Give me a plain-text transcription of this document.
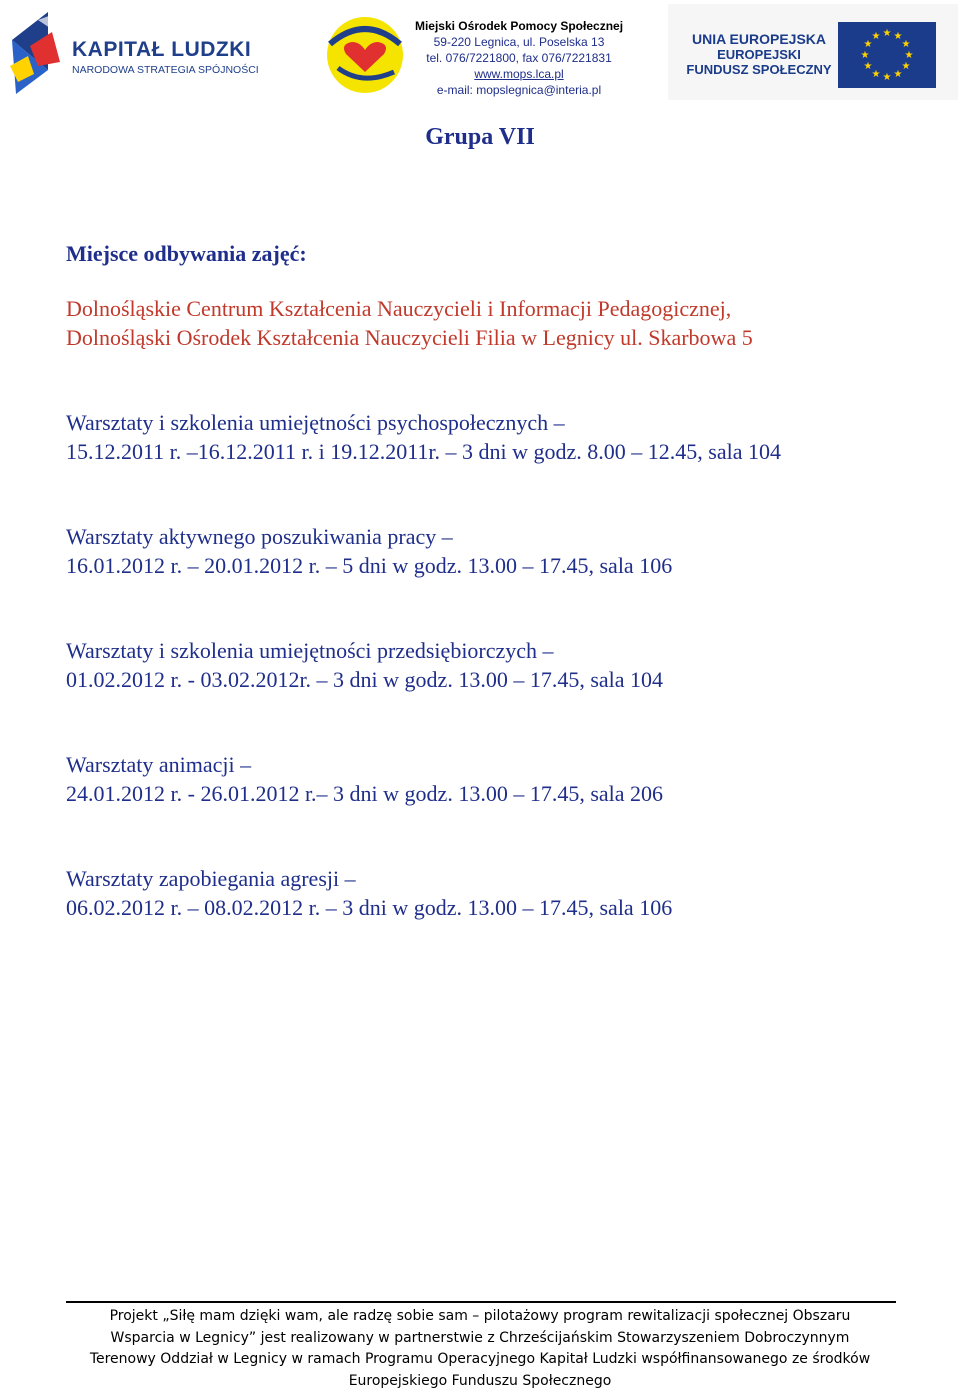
KAPITAŁ LUDZKI
NARODOWA STRATEGIA SPÓJNOŚCI
Miejski Ośrodek Pomocy Społecznej
59-220 Legnica, ul. Poselska 13
tel. 076/7221800, fax 076/7221831
www.mops.lca.pl
e-mail: mopslegnica@interia.pl
UNIA EUROPEJSKA
EUROPEJSKI
FUNDUSZ SPOŁECZNY
★ ★
★
★
★
★
★
★
★
★
★
★
Grupa VII
Miejsce odbywania zajęć:
Dolnośląskie Centrum Kształcenia Nauczycieli i Informacji Pedagogicznej,
Dolnośląski Ośrodek Kształcenia Nauczycieli Filia w Legnicy ul. Skarbowa 5
Warsztaty i szkolenia umiejętności psychospołecznych –
15.12.2011 r. –16.12.2011 r. i 19.12.2011r. – 3 dni w godz. 8.00 – 12.45, sala 104
Warsztaty aktywnego poszukiwania pracy –
16.01.2012 r. – 20.01.2012 r. – 5 dni w godz. 13.00 – 17.45, sala 106
Warsztaty i szkolenia umiejętności przedsiębiorczych –
01.02.2012 r. - 03.02.2012r. – 3 dni w godz. 13.00 – 17.45, sala 104
Warsztaty animacji –
24.01.2012 r. - 26.01.2012 r.– 3 dni w godz. 13.00 – 17.45, sala 206
Warsztaty zapobiegania agresji –
06.02.2012 r. – 08.02.2012 r. – 3 dni w godz. 13.00 – 17.45, sala 106
Projekt „Siłę mam dzięki wam, ale radzę sobie sam – pilotażowy program rewitalizacji społecznej Obszaru
Wsparcia w Legnicy” jest realizowany w partnerstwie z Chrześcijańskim Stowarzyszeniem Dobroczynnym
Terenowy Oddział w Legnicy w ramach Programu Operacyjnego Kapitał Ludzki współfinansowanego ze środków
Europejskiego Funduszu Społecznego
